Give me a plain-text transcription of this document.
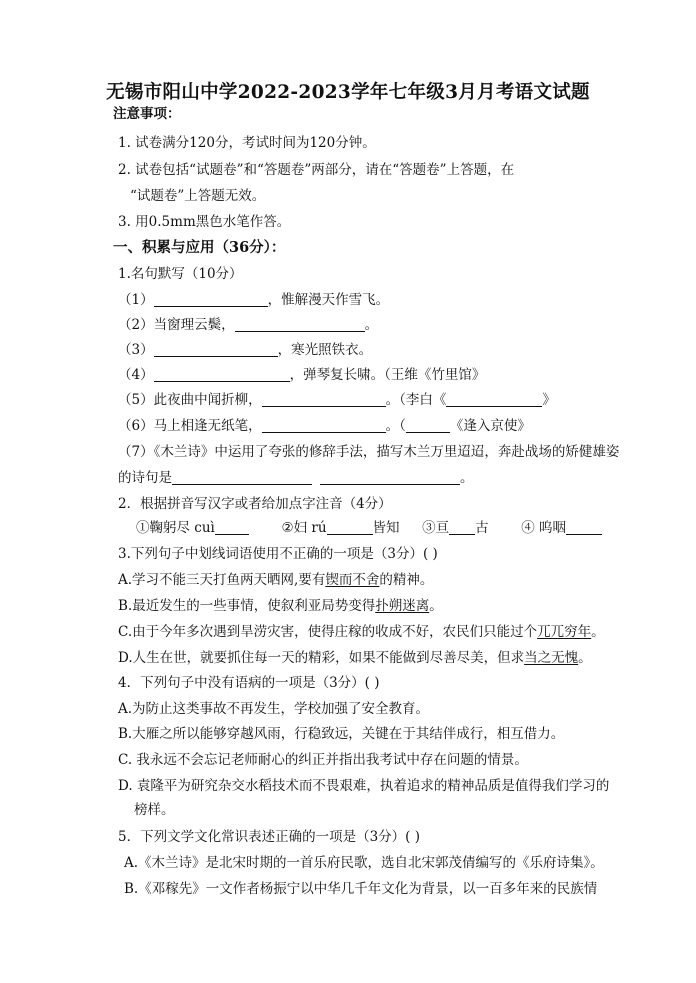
无锡市阳山中学2022-2023学年七年级3月月考语文试题
注意事项：
1. 试卷满分120分，考试时间为120分钟。
2. 试卷包括“试题卷”和“答题卷”两部分，请在“答题卷”上答题，在
“试题卷”上答题无效。
3. 用0.5mm黑色水笔作答。
一、积累与应用（36分）：
1.名句默写（10分）
（1）	，惟解漫天作雪飞。
（2）当窗理云鬓，	。
（3）	，寒光照铁衣。
（4）	，弹琴复长啸。（王维《竹里馆》
（5）此夜曲中闻折柳，	。（李白《	》
（6）马上相逢无纸笔，	。（	《逢入京使》
（7）《木兰诗》中运用了夸张的修辞手法，描写木兰万里迢迢，奔赴战场的矫健雄姿
的诗句是	。
2．根据拼音写汉字或者给加点字注音（4分）
①鞠躬尽 cuì	②妇 rú	皆知 ③亘 古 ④ 呜咽
3.下列句子中划线词语使用不正确的一项是（3分）( )
A.学习不能三天打鱼两天晒网,要有锲而不舍的精神。
B.最近发生的一些事情，使叙利亚局势变得扑朔迷离。
C.由于今年多次遇到旱涝灾害，使得庄稼的收成不好，农民们只能过个兀兀穷年。
D.人生在世，就要抓住每一天的精彩，如果不能做到尽善尽美，但求当之无愧。
4．下列句子中没有语病的一项是（3分）( )
A.为防止这类事故不再发生，学校加强了安全教育。
B.大雁之所以能够穿越风雨，行稳致远，关键在于其结伴成行，相互借力。
C. 我永远不会忘记老师耐心的纠正并指出我考试中存在问题的情景。
D. 袁隆平为研究杂交水稻技术而不畏艰难，执着追求的精神品质是值得我们学习的
榜样。
5．下列文学文化常识表述正确的一项是（3分）( )
A.《木兰诗》是北宋时期的一首乐府民歌，选自北宋郭茂倩编写的《乐府诗集》。
B.《邓稼先》一文作者杨振宁以中华几千年文化为背景，以一百多年来的民族情
